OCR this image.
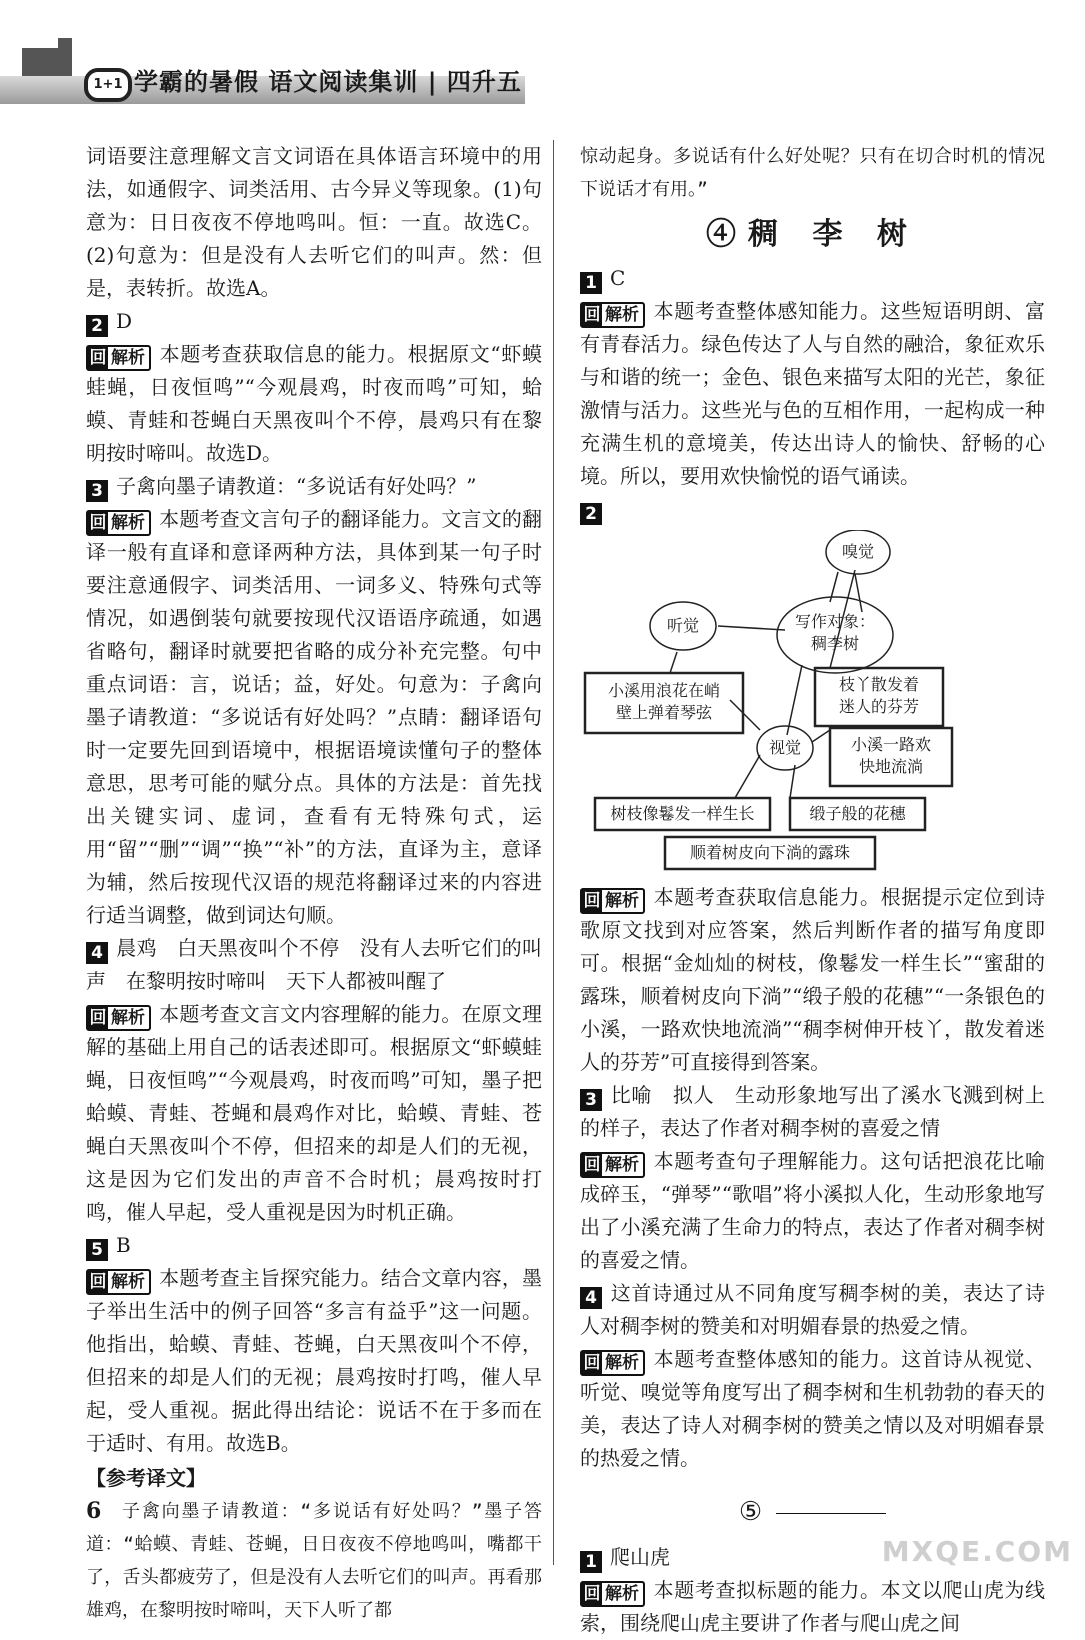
1+1 学霸的暑假 语文阅读集训 | 四升五

词语要注意理解文言文词语在具体语言环境中的用法，如通假字、词类活用、古今异义等现象。(1)句意为：日日夜夜不停地鸣叫。恒：一直。故选C。(2)句意为：但是没有人去听它们的叫声。然：但是，表转折。故选A。

2 D

回 解析 本题考查获取信息的能力。根据原文“虾蟆蛙蝇，日夜恒鸣”“今观晨鸡，时夜而鸣”可知，蛤蟆、青蛙和苍蝇白天黑夜叫个不停，晨鸡只有在黎明按时啼叫。故选D。

3 子禽向墨子请教道：“多说话有好处吗？”

回 解析 本题考查文言句子的翻译能力。文言文的翻译一般有直译和意译两种方法，具体到某一句子时要注意通假字、词类活用、一词多义、特殊句式等情况，如遇倒装句就要按现代汉语语序疏通，如遇省略句，翻译时就要把省略的成分补充完整。句中重点词语：言，说话；益，好处。句意为：子禽向墨子请教道：“多说话有好处吗？”点睛：翻译语句时一定要先回到语境中，根据语境读懂句子的整体意思，思考可能的赋分点。具体的方法是：首先找出关键实词、虚词，查看有无特殊句式，运用“留”“删”“调”“换”“补”的方法，直译为主，意译为辅，然后按现代汉语的规范将翻译过来的内容进行适当调整，做到词达句顺。

4 晨鸡　白天黑夜叫个不停　没有人去听它们的叫声　在黎明按时啼叫　天下人都被叫醒了

回 解析 本题考查文言文内容理解的能力。在原文理解的基础上用自己的话表述即可。根据原文“虾蟆蛙蝇，日夜恒鸣”“今观晨鸡，时夜而鸣”可知，墨子把蛤蟆、青蛙、苍蝇和晨鸡作对比，蛤蟆、青蛙、苍蝇白天黑夜叫个不停，但招来的却是人们的无视，这是因为它们发出的声音不合时机；晨鸡按时打鸣，催人早起，受人重视是因为时机正确。

5 B

回 解析 本题考查主旨探究能力。结合文章内容，墨子举出生活中的例子回答“多言有益乎”这一问题。他指出，蛤蟆、青蛙、苍蝇，白天黑夜叫个不停，但招来的却是人们的无视；晨鸡按时打鸣，催人早起，受人重视。据此得出结论：说话不在于多而在于适时、有用。故选B。

【参考译文】

子禽向墨子请教道：“多说话有好处吗？”墨子答道：“蛤蟆、青蛙、苍蝇，日日夜夜不停地鸣叫，嘴都干了，舌头都疲劳了，但是没有人去听它们的叫声。再看那雄鸡，在黎明按时啼叫，天下人听了都

惊动起身。多说话有什么好处呢？只有在切合时机的情况下说话才有用。”

④稠 李 树

1 C

回 解析 本题考查整体感知能力。这些短语明朗、富有青春活力。绿色传达了人与自然的融洽，象征欢乐与和谐的统一；金色、银色来描写太阳的光芒，象征激情与活力。这些光与色的互相作用，一起构成一种充满生机的意境美，传达出诗人的愉快、舒畅的心境。所以，要用欢快愉悦的语气诵读。

2

写作对象：
稠李树
嗅觉
听觉
视觉
小溪用浪花在峭
壁上弹着琴弦
枝丫散发着
迷人的芬芳
小溪一路欢
快地流淌
树枝像鬈发一样生长	缎子般的花穗
顺着树皮向下淌的露珠

回 解析 本题考查获取信息能力。根据提示定位到诗歌原文找到对应答案，然后判断作者的描写角度即可。根据“金灿灿的树枝，像鬈发一样生长”“蜜甜的露珠，顺着树皮向下淌”“缎子般的花穗”“一条银色的小溪，一路欢快地流淌”“稠李树伸开枝丫，散发着迷人的芬芳”可直接得到答案。

3 比喻　拟人　生动形象地写出了溪水飞溅到树上的样子，表达了作者对稠李树的喜爱之情

回 解析 本题考查句子理解能力。这句话把浪花比喻成碎玉，“弹琴”“歌唱”将小溪拟人化，生动形象地写出了小溪充满了生命力的特点，表达了作者对稠李树的喜爱之情。

4 这首诗通过从不同角度写稠李树的美，表达了诗人对稠李树的赞美和对明媚春景的热爱之情。

回 解析 本题考查整体感知的能力。这首诗从视觉、听觉、嗅觉等角度写出了稠李树和生机勃勃的春天的美，表达了诗人对稠李树的赞美之情以及对明媚春景的热爱之情。

⑤

1 爬山虎

回 解析 本题考查拟标题的能力。本文以爬山虎为线索，围绕爬山虎主要讲了作者与爬山虎之间

6
MXQE.COM
